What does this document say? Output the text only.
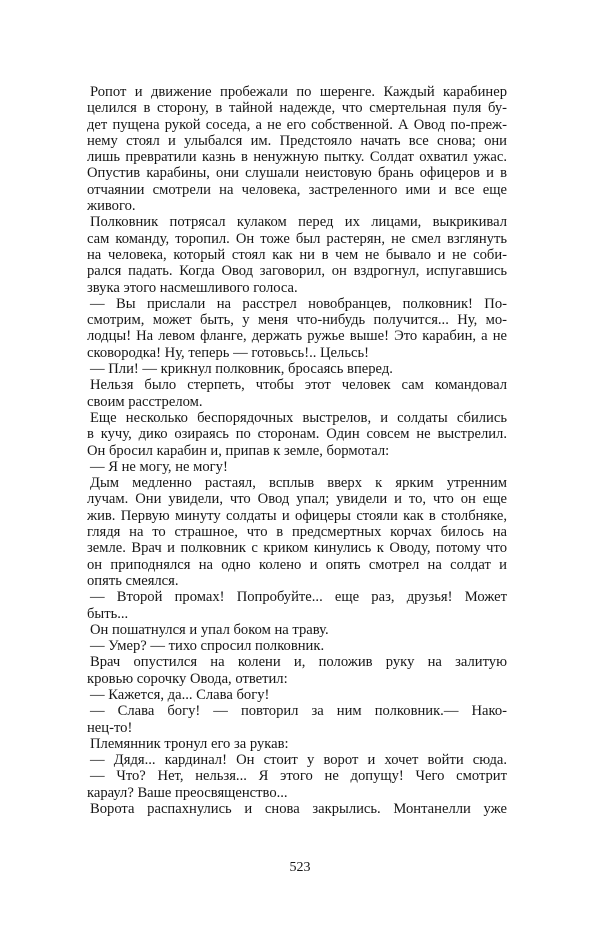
Ропот и движение пробежали по шеренге. Каждый карабинер
целился в сторону, в тайной надежде, что смертельная пуля бу-
дет пущена рукой соседа, а не его собственной. А Овод по-преж-
нему стоял и улыбался им. Предстояло начать все снова; они
лишь превратили казнь в ненужную пытку. Солдат охватил ужас.
Опустив карабины, они слушали неистовую брань офицеров и в
отчаянии смотрели на человека, застреленного ими и все еще
живого.
Полковник потрясал кулаком перед их лицами, выкрикивал
сам команду, торопил. Он тоже был растерян, не смел взглянуть
на человека, который стоял как ни в чем не бывало и не соби-
рался падать. Когда Овод заговорил, он вздрогнул, испугавшись
звука этого насмешливого голоса.
— Вы прислали на расстрел новобранцев, полковник! По-
смотрим, может быть, у меня что-нибудь получится... Ну, мо-
лодцы! На левом фланге, держать ружье выше! Это карабин, а не
сковородка! Ну, теперь — готовьсь!.. Цельсь!
— Пли! — крикнул полковник, бросаясь вперед.
Нельзя было стерпеть, чтобы этот человек сам командовал
своим расстрелом.
Еще несколько беспорядочных выстрелов, и солдаты сбились
в кучу, дико озираясь по сторонам. Один совсем не выстрелил.
Он бросил карабин и, припав к земле, бормотал:
— Я не могу, не могу!
Дым медленно растаял, всплыв вверх к ярким утренним
лучам. Они увидели, что Овод упал; увидели и то, что он еще
жив. Первую минуту солдаты и офицеры стояли как в столбняке,
глядя на то страшное, что в предсмертных корчах билось на
земле. Врач и полковник с криком кинулись к Оводу, потому что
он приподнялся на одно колено и опять смотрел на солдат и
опять смеялся.
— Второй промах! Попробуйте... еще раз, друзья! Может
быть...
Он пошатнулся и упал боком на траву.
— Умер? — тихо спросил полковник.
Врач опустился на колени и, положив руку на залитую
кровью сорочку Овода, ответил:
— Кажется, да... Слава богу!
— Слава богу! — повторил за ним полковник.— Нако-
нец-то!
Племянник тронул его за рукав:
— Дядя... кардинал! Он стоит у ворот и хочет войти сюда.
— Что? Нет, нельзя... Я этого не допущу! Чего смотрит
караул? Ваше преосвященство...
Ворота распахнулись и снова закрылись. Монтанелли уже
523
